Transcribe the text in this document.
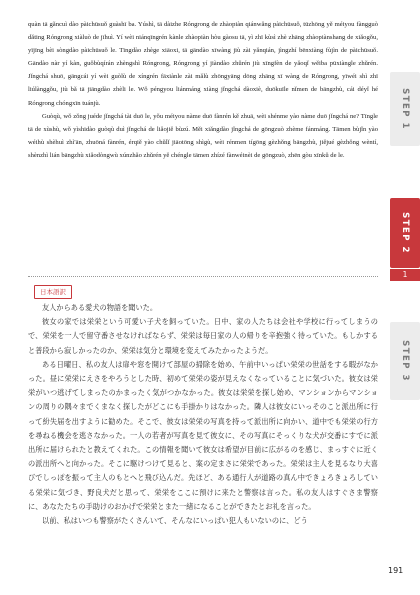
quàn tā gǎncuì dào pàichūsuǒ guàshī ba. Yúshì, tā dàizhe Róngrong de zhàopiàn qiánwǎng pàichūsuǒ, tūzhōng yě méiyou fàngguò dǎting Róngrong xiàluò de jīhuì. Yí wèi niánqīngrén kànle zhàopiàn hòu gàosu tā, yì zhī kùsì zhè zhāng zhàopiànshang de xiǎogǒu, yījīng bèi sòngdào pàichūsuǒ le. Tīngdào zhège xiāoxi, tā gāndào xīwàng jiù zài yǎnqián, jìngzhí bēnxiàng fùjìn de pàichūsuǒ. Gāndào nàr yí kàn, guǒbùqírán zhèngshì Róngrong, Róngrong yí jiàndào zhǔrén jiù xīngfèn de yǎoqǐ wěiba pūxiàngle zhǔrén. Jǐngchá shuō, gāngcái yí wèi guòlù de xíngrén fāxiànle zài mǎlù zhōngyāng dōng zhāng xī wàng de Róngrong, yīwéi shì zhī liúlànggǒu, jiù bǎ tā jiāngdào zhèli le. Wǒ péngyou liánmáng xiàng jǐngchá dàoxiè, duōkuīle nǐmen de bāngzhù, cái déyǐ hé Róngrong chóngxīn tuánjù.

Guòqù, wǒ zǒng juéde jǐngchá tài duō le, yǒu méiyou nàme duō fànrén kě zhuā, wèi shénme yào nàme duō jǐngchá ne? Tīngle tā de xùshù, wǒ yìshidào guòqù duì jǐngchá de liǎojiě bùzú. Měi xiǎngdào jǐngchá de gōngzuò zhème fánmáng. Tāmen bùjǐn yào wéihù shèhuì zhì'ān, zhuōná fànrén, érqiě yào chǔlǐ jiāotōng shìgù, wèi rénmen tígōng gèzhǒng bāngzhù, jiějué gèzhǒng wèntí, shènzhì lián bāngzhù xiǎodòngwù xúnzhǎo zhǔrén yě chéngle tāmen zhízé fànwéinèi de gōngzuò, zhēn gòu xīnkǔ de le.

日本語訳

友人からある愛犬の物語を聞いた。

彼女の家では栄栄という可愛い子犬を飼っていた。日中、家の人たちは会社や学校に行ってしまうので、栄栄を一人で留守番させなければならず、栄栄は毎日家の人の帰りを辛抱強く待っていた。もしかすると普段から寂しかったのか、栄栄は気分と環境を変えてみたかったようだ。

ある日曜日、私の友人は扉や窓を開けて部屋の掃除を始め、午前中いっぱい栄栄の世話をする暇がなかった。昼に栄栄にえさをやろうとした時、初めて栄栄の姿が見えなくなっていることに気づいた。彼女は栄栄がいつ逃げてしまったのかまったく気がつかなかった。彼女は栄栄を探し始め、マンションからマンションの周りの隅々までくまなく探したがどこにも手掛かりはなかった。隣人は彼女にいっそのこと派出所に行って紛失届を出すように勧めた。そこで、彼女は栄栄の写真を持って派出所に向かい、道中でも栄栄の行方を尋ねる機会を逃さなかった。一人の若者が写真を見て彼女に、その写真にそっくりな犬が交番にすでに派出所に届けられたと教えてくれた。この情報を聞いて彼女は希望が目前に広がるのを感じ、まっすぐに近くの派出所へと向かった。そこに駆けつけて見ると、案の定まさに栄栄であった。栄栄は主人を見るなり大喜びでしっぽを振って主人のもとへと飛び込んだ。先ほど、ある通行人が道路の真ん中できょろきょろしている栄栄に気づき、野良犬だと思って、栄栄をここに預けに来たと警察は言った。私の友人はすぐさま警察に、あなたたちの手助けのおかげで栄栄とまた一緒になることができたとお礼を言った。

以前、私はいつも警察がたくさんいて、そんなにいっぱい犯人もいないのに、どう

191
STEP 1
STEP 2
1
STEP 3
